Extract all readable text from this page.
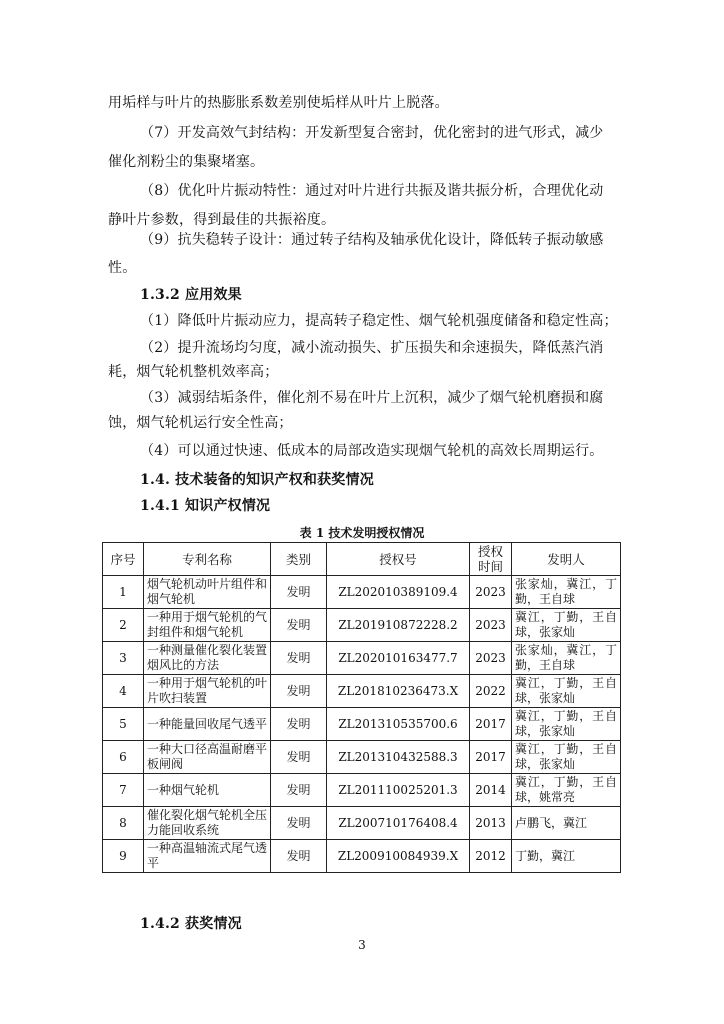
用垢样与叶片的热膨胀系数差别使垢样从叶片上脱落。
（7）开发高效气封结构：开发新型复合密封，优化密封的进气形式，减少
催化剂粉尘的集聚堵塞。
（8）优化叶片振动特性：通过对叶片进行共振及谐共振分析，合理优化动
静叶片参数，得到最佳的共振裕度。
（9）抗失稳转子设计：通过转子结构及轴承优化设计，降低转子振动敏感
性。
1.3.2 应用效果
（1）降低叶片振动应力，提高转子稳定性、烟气轮机强度储备和稳定性高；
（2）提升流场均匀度，减小流动损失、扩压损失和余速损失，降低蒸汽消
耗，烟气轮机整机效率高；
（3）减弱结垢条件，催化剂不易在叶片上沉积，减少了烟气轮机磨损和腐
蚀，烟气轮机运行安全性高；
（4）可以通过快速、低成本的局部改造实现烟气轮机的高效长周期运行。
1.4. 技术装备的知识产权和获奖情况
1.4.1 知识产权情况
表 1 技术发明授权情况
序号	专利名称	类别	授权号	授权时间	发明人
1	烟气轮机动叶片组件和烟气轮机	发明	ZL202010389109.4	2023	张家灿，冀江，丁勤，王自球
2	一种用于烟气轮机的气封组件和烟气轮机	发明	ZL201910872228.2	2023	冀江，丁勤，王自球，张家灿
3	一种测量催化裂化装置烟风比的方法	发明	ZL202010163477.7	2023	张家灿，冀江，丁勤，王自球
4	一种用于烟气轮机的叶片吹扫装置	发明	ZL201810236473.X	2022	冀江，丁勤，王自球，张家灿
5	一种能量回收尾气透平	发明	ZL201310535700.6	2017	冀江，丁勤，王自球，张家灿
6	一种大口径高温耐磨平板闸阀	发明	ZL201310432588.3	2017	冀江，丁勤，王自球，张家灿
7	一种烟气轮机	发明	ZL201110025201.3	2014	冀江，丁勤，王自球，姚常亮
8	催化裂化烟气轮机全压力能回收系统	发明	ZL200710176408.4	2013	卢鹏飞，冀江
9	一种高温轴流式尾气透平	发明	ZL200910084939.X	2012	丁勤，冀江
1.4.2 获奖情况
3
